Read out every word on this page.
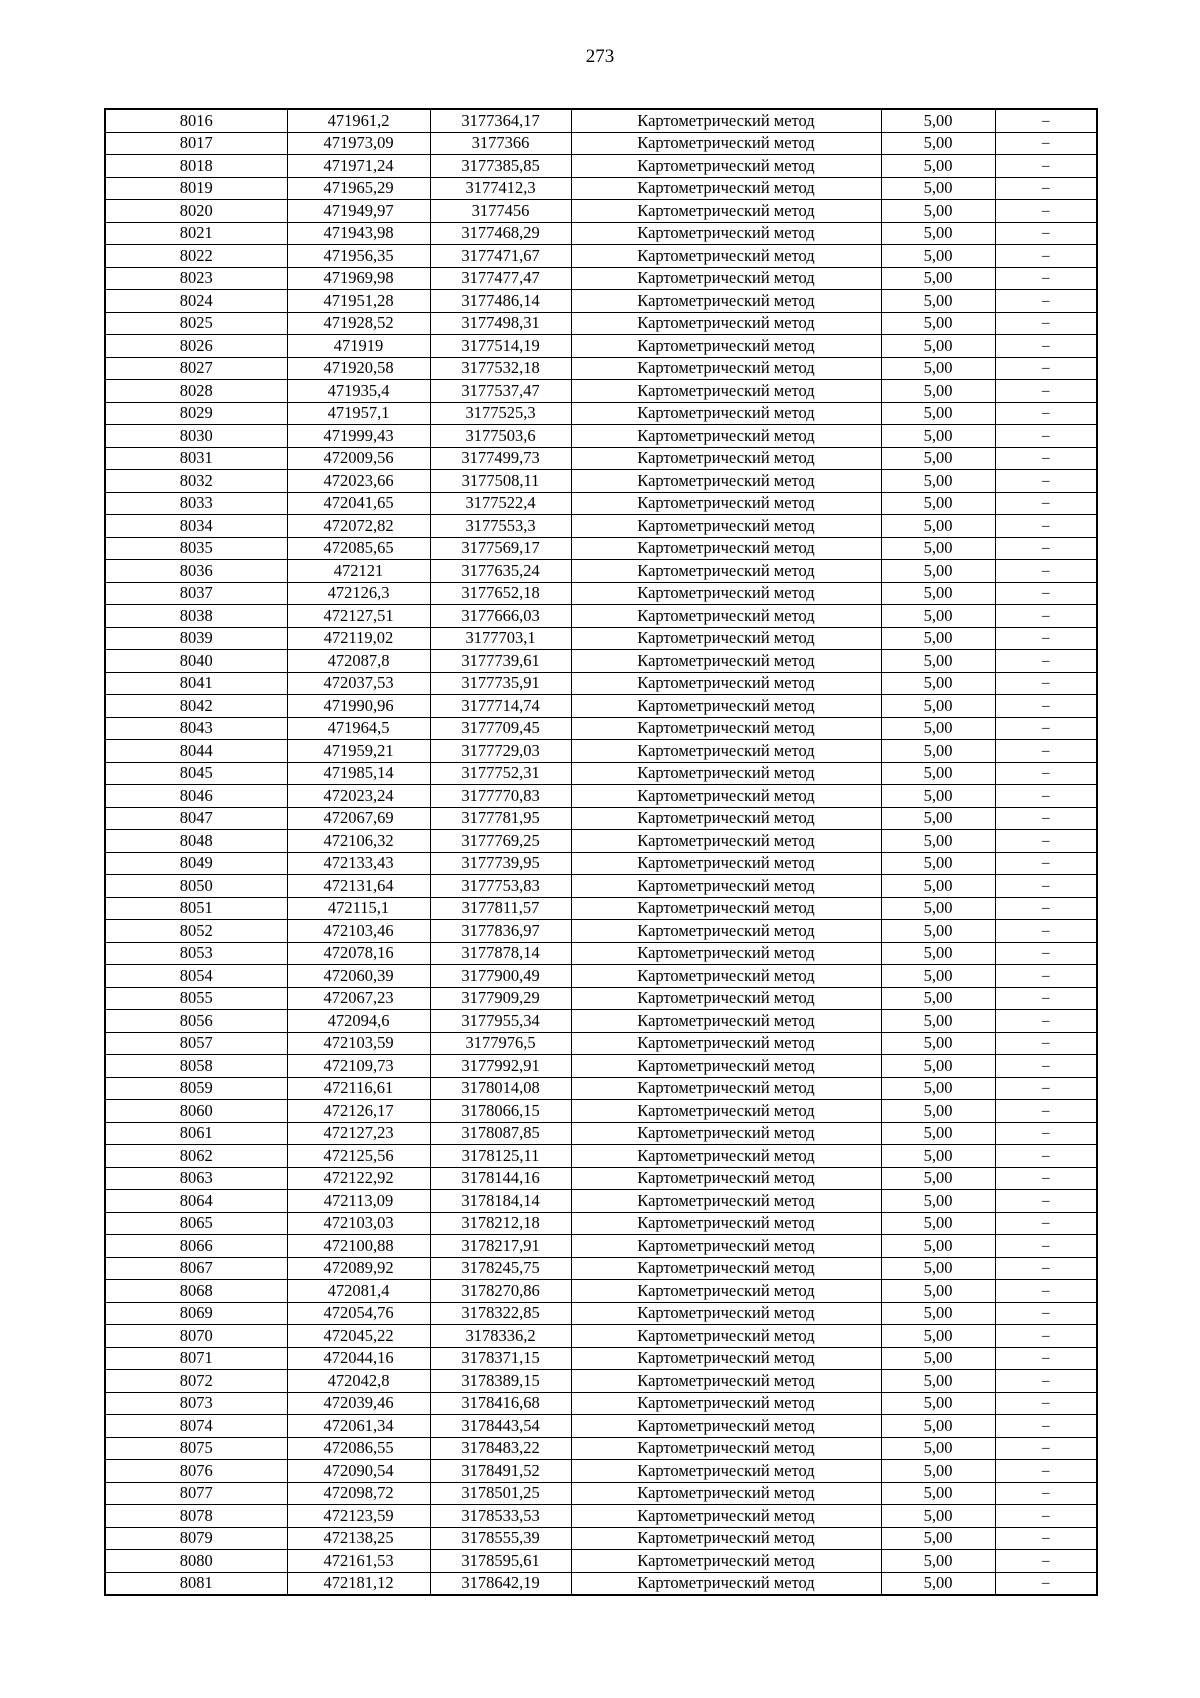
273
8016	471961,2	3177364,17	Картометрический метод	5,00	–
8017	471973,09	3177366	Картометрический метод	5,00	–
8018	471971,24	3177385,85	Картометрический метод	5,00	–
8019	471965,29	3177412,3	Картометрический метод	5,00	–
8020	471949,97	3177456	Картометрический метод	5,00	–
8021	471943,98	3177468,29	Картометрический метод	5,00	–
8022	471956,35	3177471,67	Картометрический метод	5,00	–
8023	471969,98	3177477,47	Картометрический метод	5,00	–
8024	471951,28	3177486,14	Картометрический метод	5,00	–
8025	471928,52	3177498,31	Картометрический метод	5,00	–
8026	471919	3177514,19	Картометрический метод	5,00	–
8027	471920,58	3177532,18	Картометрический метод	5,00	–
8028	471935,4	3177537,47	Картометрический метод	5,00	–
8029	471957,1	3177525,3	Картометрический метод	5,00	–
8030	471999,43	3177503,6	Картометрический метод	5,00	–
8031	472009,56	3177499,73	Картометрический метод	5,00	–
8032	472023,66	3177508,11	Картометрический метод	5,00	–
8033	472041,65	3177522,4	Картометрический метод	5,00	–
8034	472072,82	3177553,3	Картометрический метод	5,00	–
8035	472085,65	3177569,17	Картометрический метод	5,00	–
8036	472121	3177635,24	Картометрический метод	5,00	–
8037	472126,3	3177652,18	Картометрический метод	5,00	–
8038	472127,51	3177666,03	Картометрический метод	5,00	–
8039	472119,02	3177703,1	Картометрический метод	5,00	–
8040	472087,8	3177739,61	Картометрический метод	5,00	–
8041	472037,53	3177735,91	Картометрический метод	5,00	–
8042	471990,96	3177714,74	Картометрический метод	5,00	–
8043	471964,5	3177709,45	Картометрический метод	5,00	–
8044	471959,21	3177729,03	Картометрический метод	5,00	–
8045	471985,14	3177752,31	Картометрический метод	5,00	–
8046	472023,24	3177770,83	Картометрический метод	5,00	–
8047	472067,69	3177781,95	Картометрический метод	5,00	–
8048	472106,32	3177769,25	Картометрический метод	5,00	–
8049	472133,43	3177739,95	Картометрический метод	5,00	–
8050	472131,64	3177753,83	Картометрический метод	5,00	–
8051	472115,1	3177811,57	Картометрический метод	5,00	–
8052	472103,46	3177836,97	Картометрический метод	5,00	–
8053	472078,16	3177878,14	Картометрический метод	5,00	–
8054	472060,39	3177900,49	Картометрический метод	5,00	–
8055	472067,23	3177909,29	Картометрический метод	5,00	–
8056	472094,6	3177955,34	Картометрический метод	5,00	–
8057	472103,59	3177976,5	Картометрический метод	5,00	–
8058	472109,73	3177992,91	Картометрический метод	5,00	–
8059	472116,61	3178014,08	Картометрический метод	5,00	–
8060	472126,17	3178066,15	Картометрический метод	5,00	–
8061	472127,23	3178087,85	Картометрический метод	5,00	–
8062	472125,56	3178125,11	Картометрический метод	5,00	–
8063	472122,92	3178144,16	Картометрический метод	5,00	–
8064	472113,09	3178184,14	Картометрический метод	5,00	–
8065	472103,03	3178212,18	Картометрический метод	5,00	–
8066	472100,88	3178217,91	Картометрический метод	5,00	–
8067	472089,92	3178245,75	Картометрический метод	5,00	–
8068	472081,4	3178270,86	Картометрический метод	5,00	–
8069	472054,76	3178322,85	Картометрический метод	5,00	–
8070	472045,22	3178336,2	Картометрический метод	5,00	–
8071	472044,16	3178371,15	Картометрический метод	5,00	–
8072	472042,8	3178389,15	Картометрический метод	5,00	–
8073	472039,46	3178416,68	Картометрический метод	5,00	–
8074	472061,34	3178443,54	Картометрический метод	5,00	–
8075	472086,55	3178483,22	Картометрический метод	5,00	–
8076	472090,54	3178491,52	Картометрический метод	5,00	–
8077	472098,72	3178501,25	Картометрический метод	5,00	–
8078	472123,59	3178533,53	Картометрический метод	5,00	–
8079	472138,25	3178555,39	Картометрический метод	5,00	–
8080	472161,53	3178595,61	Картометрический метод	5,00	–
8081	472181,12	3178642,19	Картометрический метод	5,00	–
